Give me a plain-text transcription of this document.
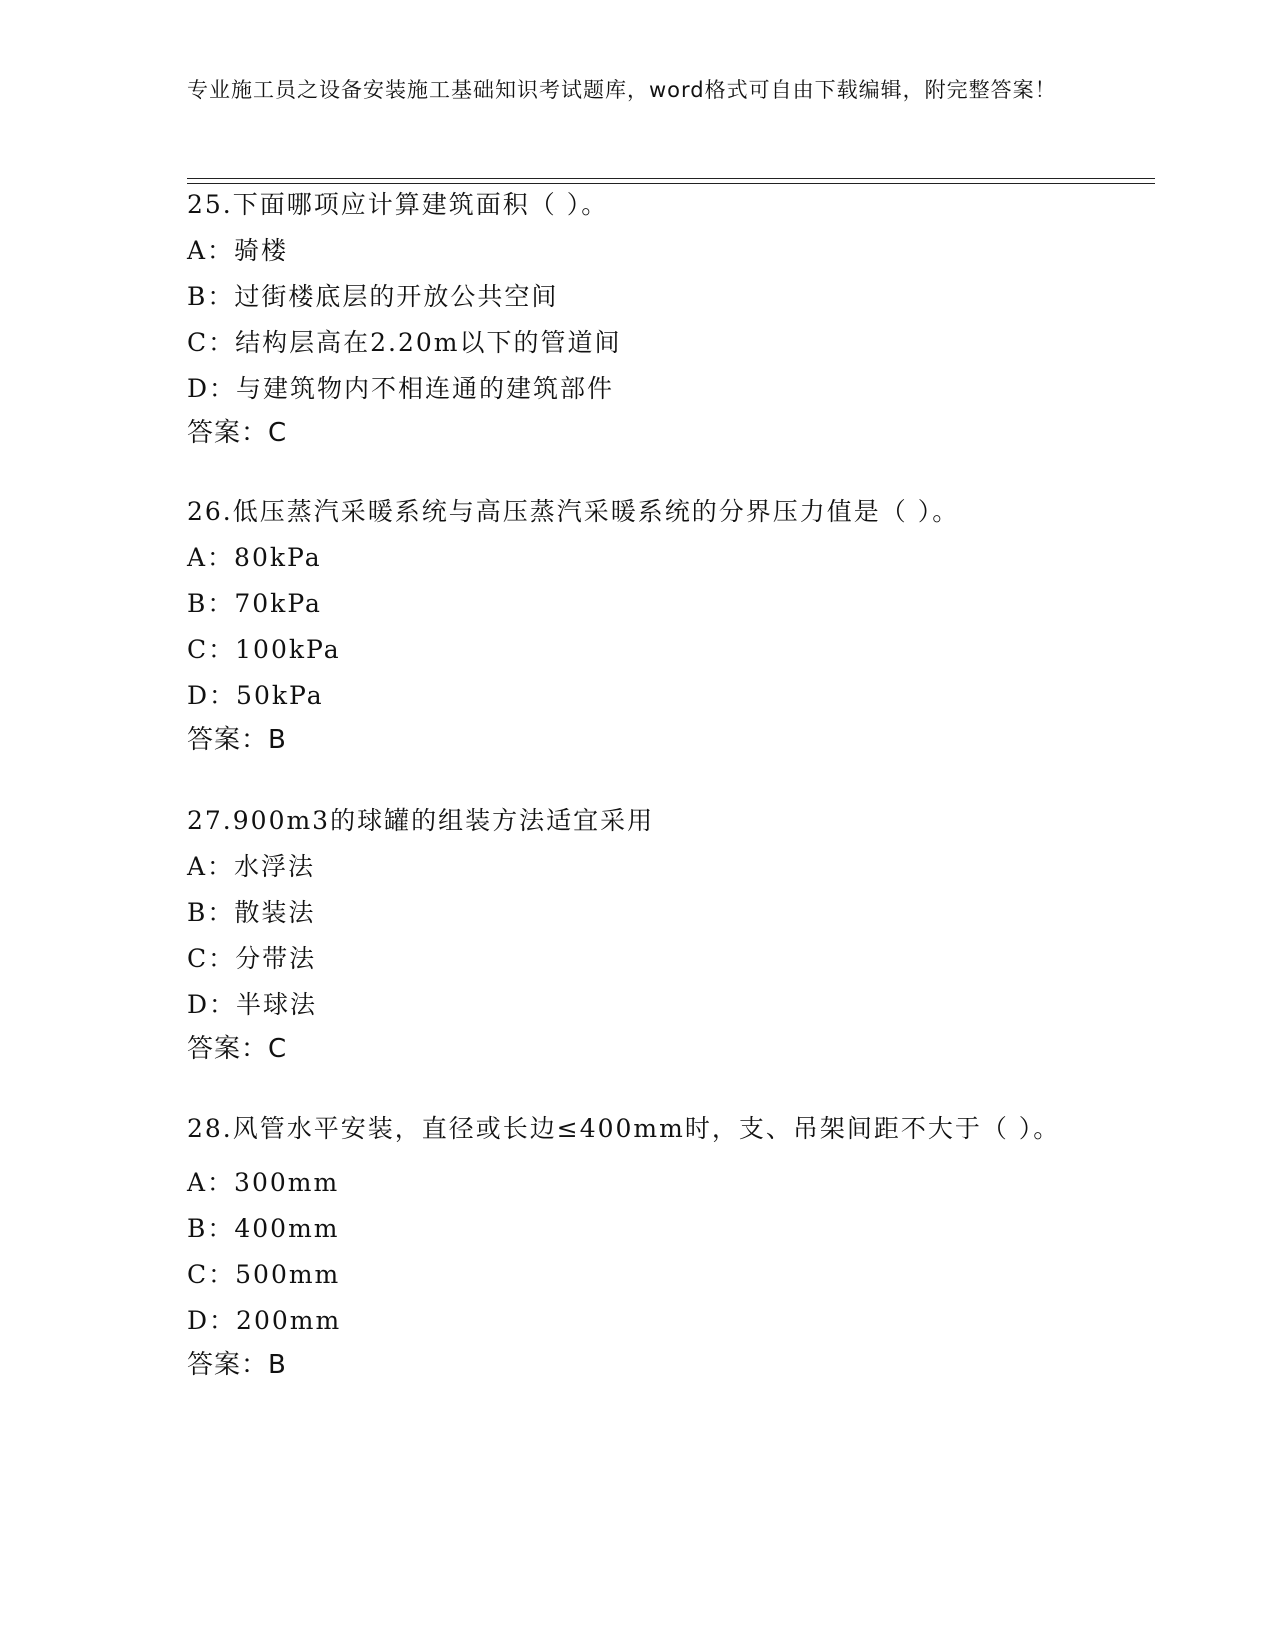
专业施工员之设备安装施工基础知识考试题库，word格式可自由下载编辑，附完整答案！
25.下面哪项应计算建筑面积（ ）。
A：骑楼
B：过街楼底层的开放公共空间
C：结构层高在2.20m以下的管道间
D：与建筑物内不相连通的建筑部件
答案：C
26.低压蒸汽采暖系统与高压蒸汽采暖系统的分界压力值是（ ）。
A：80kPa
B：70kPa
C：100kPa
D：50kPa
答案：B
27.900m3的球罐的组装方法适宜采用
A：水浮法
B：散装法
C：分带法
D：半球法
答案：C
28.风管水平安装，直径或长边≤400mm时，支、吊架间距不大于（ ）。
A：300mm
B：400mm
C：500mm
D：200mm
答案：B
